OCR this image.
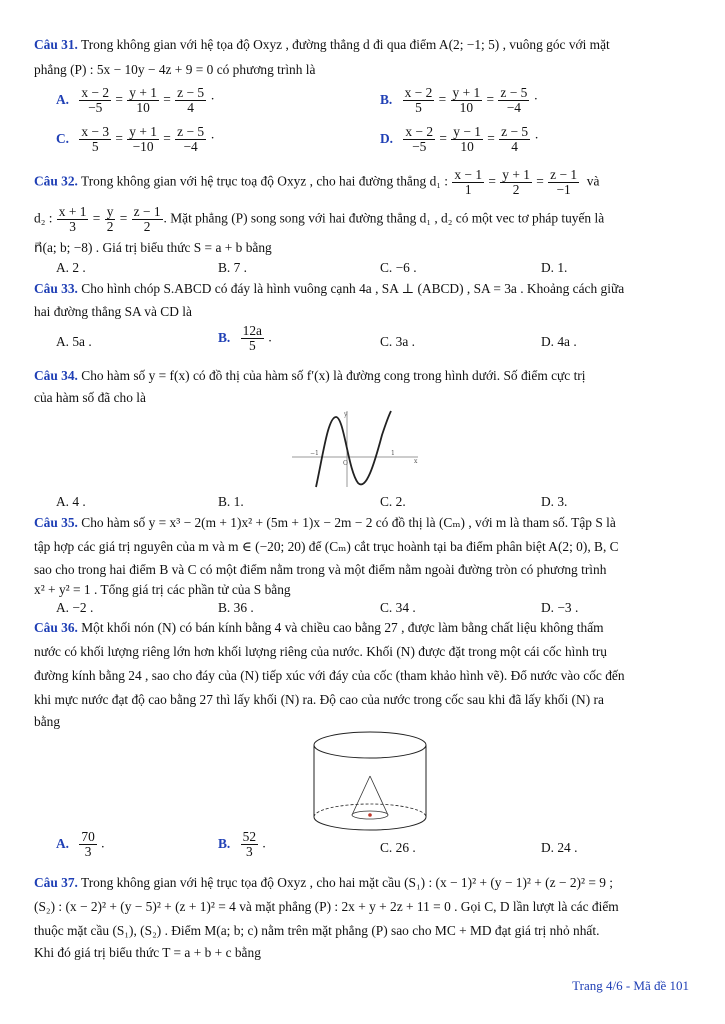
Câu 31. Trong không gian với hệ tọa độ Oxyz , đường thẳng d đi qua điểm A(2; −1; 5) , vuông góc với mặt
phẳng (P) : 5x − 10y − 4z + 9 = 0 có phương trình là
A. $\frac{x - 2}{-5} = \frac{y + 1}{10} = \frac{z - 5}{4}$ ·	B. $\frac{x - 2}{5} = \frac{y + 1}{10} = \frac{z - 5}{-4}$ ·
C. $\frac{x - 3}{5} = \frac{y + 1}{-10} = \frac{z - 5}{-4}$ ·	D. $\frac{x - 2}{-5} = \frac{y - 1}{10} = \frac{z - 5}{4}$ ·
Câu 32. Trong không gian với hệ trục toạ độ Oxyz , cho hai đường thẳng d₁ : $\frac{x - 1}{1} = \frac{y + 1}{2} = \frac{z - 1}{-1}$ và
d₂ : $\frac{x + 1}{3} = \frac{y}{2} = \frac{z - 1}{2}$ . Mặt phẳng (P) song song với hai đường thẳng d₁ , d₂ có một vec tơ pháp tuyến là
n⃗(a; b; −8) . Giá trị biểu thức S = a + b bằng
A. 2 .	B. 7 .	C. −6 .	D. 1.
Câu 33. Cho hình chóp S.ABCD có đáy là hình vuông cạnh 4a , SA ⊥ (ABCD) , SA = 3a . Khoảng cách giữa
hai đường thẳng SA và CD là
A. 5a .	B. $\frac{12a}{5}$ .	C. 3a .	D. 4a .
Câu 34. Cho hàm số y = f(x) có đồ thị của hàm số f′(x) là đường cong trong hình dưới. Số điểm cực trị
của hàm số đã cho là
y
x
O
−1	1
A. 4 .	B. 1.	C. 2.	D. 3.
Câu 35. Cho hàm số y = x³ − 2(m + 1)x² + (5m + 1)x − 2m − 2 có đồ thị là (Cₘ) , với m là tham số. Tập S là
tập hợp các giá trị nguyên của m và m ∈ (−20; 20) để (Cₘ) cắt trục hoành tại ba điểm phân biệt A(2; 0), B, C
sao cho trong hai điểm B và C có một điểm nằm trong và một điểm nằm ngoài đường tròn có phương trình
x² + y² = 1 . Tổng giá trị các phần tử của S bằng
A. −2 .	B. 36 .	C. 34 .	D. −3 .
Câu 36. Một khối nón (N) có bán kính bằng 4 và chiều cao bằng 27 , được làm bằng chất liệu không thấm
nước có khối lượng riêng lớn hơn khối lượng riêng của nước. Khối (N) được đặt trong một cái cốc hình trụ
đường kính bằng 24 , sao cho đáy của (N) tiếp xúc với đáy của cốc (tham khảo hình vẽ). Đổ nước vào cốc đến
khi mực nước đạt độ cao bằng 27 thì lấy khối (N) ra. Độ cao của nước trong cốc sau khi đã lấy khối (N) ra
bằng
A. $\frac{70}{3}$ .	B. $\frac{52}{3}$ .	C. 26 .	D. 24 .
Câu 37. Trong không gian với hệ trục tọa độ Oxyz , cho hai mặt cầu (S₁) : (x − 1)² + (y − 1)² + (z − 2)² = 9 ;
(S₂) : (x − 2)² + (y − 5)² + (z + 1)² = 4 và mặt phẳng (P) : 2x + y + 2z + 11 = 0 . Gọi C, D lần lượt là các điểm
thuộc mặt cầu (S₁), (S₂) . Điểm M(a; b; c) nằm trên mặt phẳng (P) sao cho MC + MD đạt giá trị nhỏ nhất.
Khi đó giá trị biểu thức T = a + b + c bằng
Trang 4/6 - Mã đề 101
